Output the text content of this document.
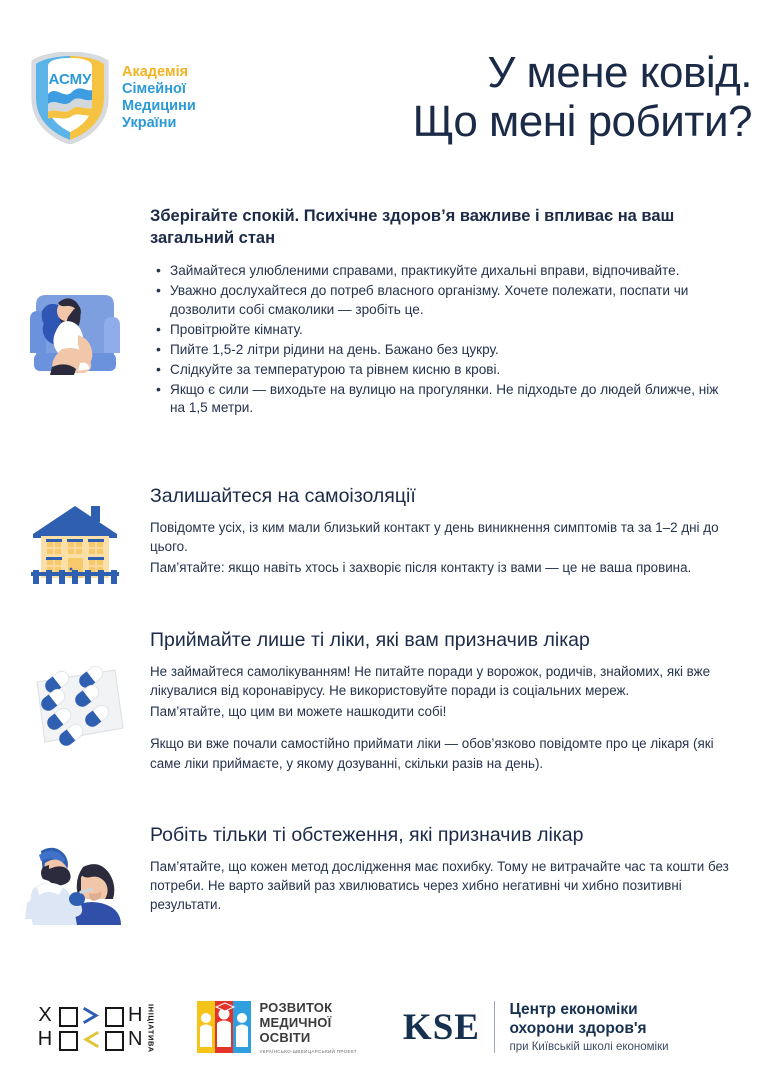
АСМУ Академія
Сімейної
Медицини
України
У мене ковід.
Що мені робити?
Зберігайте спокій. Психічне здоров’я важливе і впливає на ваш загальний стан
• Займайтеся улюбленими справами, практикуйте дихальні вправи, відпочивайте.
• Уважно дослухайтеся до потреб власного організму. Хочете полежати, поспати чи дозволити собі смаколики — зробіть це.
• Провітрюйте кімнату.
• Пийте 1,5-2 літри рідини на день. Бажано без цукру.
• Слідкуйте за температурою та рівнем кисню в крові.
• Якщо є сили — виходьте на вулицю на прогулянки. Не підходьте до людей ближче, ніж на 1,5 метри.
Залишайтеся на самоізоляції

Повідомте усіх, із ким мали близький контакт у день виникнення симптомів та за 1–2 дні до цього.

Пам’ятайте: якщо навіть хтось і захворіє після контакту із вами — це не ваша провина.

Приймайте лише ті ліки, які вам призначив лікар

Не займайтеся самолікуванням! Не питайте поради у ворожок, родичів, знайомих, які вже лікувалися від коронавірусу. Не використовуйте поради із соціальних мереж.

Пам’ятайте, що цим ви можете нашкодити собі!

Якщо ви вже почали самостійно приймати ліки — обов’язково повідомте про це лікаря (які саме ліки приймаєте, у якому дозуванні, скільки разів на день).

Робіть тільки ті обстеження, які призначив лікар

Пам’ятайте, що кожен метод дослідження має похибку. Тому не витрачайте час та кошти без потреби. Не варто зайвий раз хвилюватись через хибно негативні чи хибно позитивні результати.

X
Н
Н
N ІНІЦІАТИВА	РОЗВИТОК
МЕДИЧНОЇ
ОСВІТИ
УКРАЇНСЬКО-ШВЕЙЦАРСЬКИЙ ПРОЕКТ
KSE Центр економіки
охорони здоров'я
при Київській школі економіки
